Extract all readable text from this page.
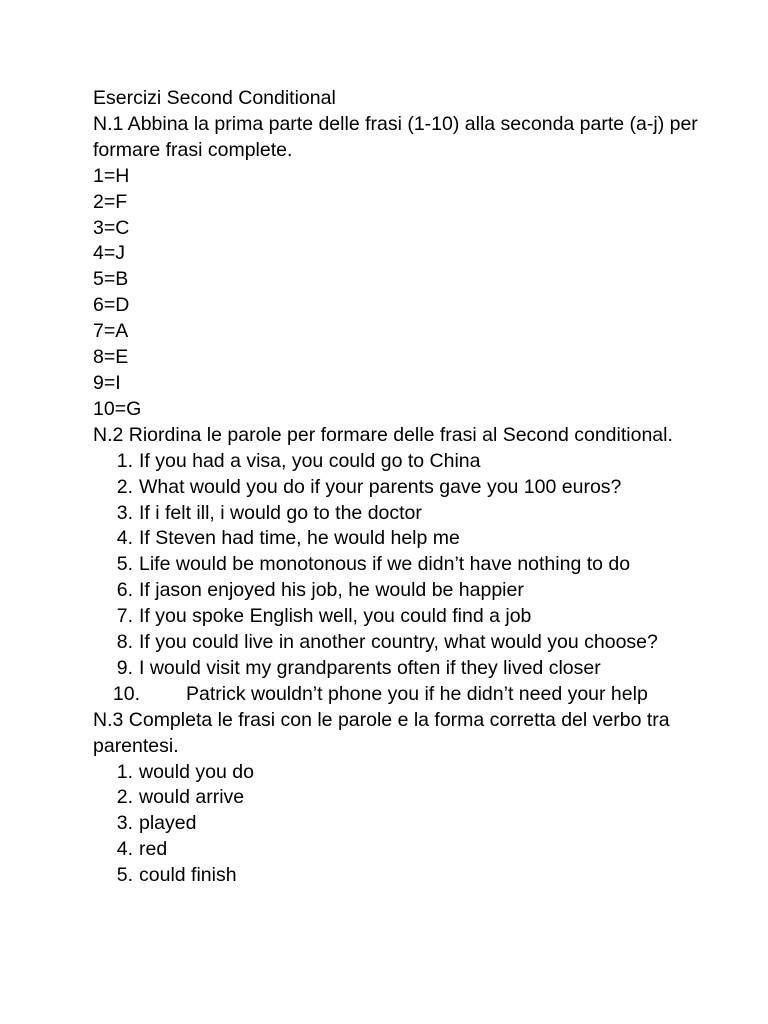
Esercizi Second Conditional
N.1 Abbina la prima parte delle frasi (1-10) alla seconda parte (a-j) per formare frasi complete.
1=H
2=F
3=C
4=J
5=B
6=D
7=A
8=E
9=I
10=G
N.2 Riordina le parole per formare delle frasi al Second conditional.
1. If you had a visa, you could go to China
2. What would you do if your parents gave you 100 euros?
3. If i felt ill, i would go to the doctor
4. If Steven had time, he would help me
5. Life would be monotonous if we didn’t have nothing to do
6. If jason enjoyed his job, he would be happier
7. If you spoke English well, you could find a job
8. If you could live in another country, what would you choose?
9. I would visit my grandparents often if they lived closer
10. Patrick wouldn’t phone you if he didn’t need your help
N.3 Completa le frasi con le parole e la forma corretta del verbo tra parentesi.
1. would you do
2. would arrive
3. played
4. red
5. could finish
